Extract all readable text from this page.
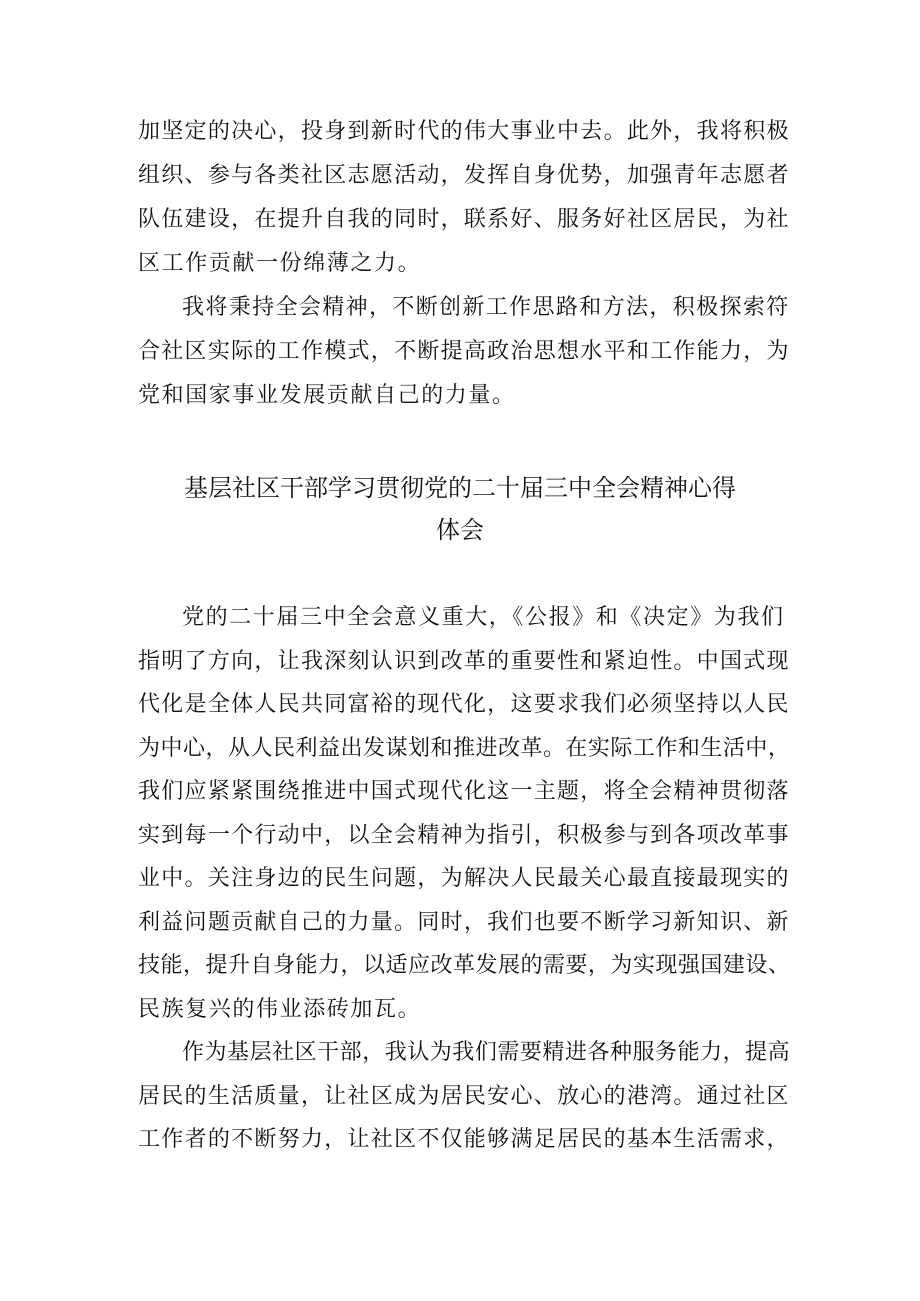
加坚定的决心，投身到新时代的伟大事业中去。此外，我将积极
组织、参与各类社区志愿活动，发挥自身优势，加强青年志愿者
队伍建设，在提升自我的同时，联系好、服务好社区居民，为社
区工作贡献一份绵薄之力。
我将秉持全会精神，不断创新工作思路和方法，积极探索符
合社区实际的工作模式，不断提高政治思想水平和工作能力，为
党和国家事业发展贡献自己的力量。
基层社区干部学习贯彻党的二十届三中全会精神心得
体会
党的二十届三中全会意义重大，《公报》和《决定》为我们
指明了方向，让我深刻认识到改革的重要性和紧迫性。中国式现
代化是全体人民共同富裕的现代化，这要求我们必须坚持以人民
为中心，从人民利益出发谋划和推进改革。在实际工作和生活中，
我们应紧紧围绕推进中国式现代化这一主题，将全会精神贯彻落
实到每一个行动中，以全会精神为指引，积极参与到各项改革事
业中。关注身边的民生问题，为解决人民最关心最直接最现实的
利益问题贡献自己的力量。同时，我们也要不断学习新知识、新
技能，提升自身能力，以适应改革发展的需要，为实现强国建设、
民族复兴的伟业添砖加瓦。
作为基层社区干部，我认为我们需要精进各种服务能力，提高
居民的生活质量，让社区成为居民安心、放心的港湾。通过社区
工作者的不断努力，让社区不仅能够满足居民的基本生活需求，
